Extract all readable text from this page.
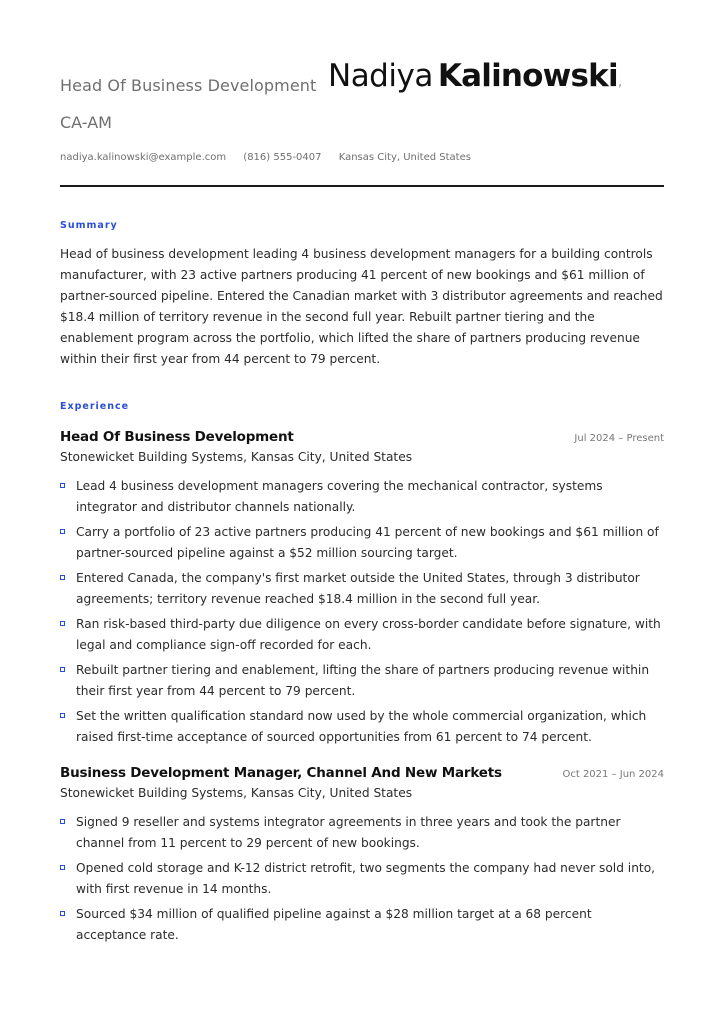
Head Of Business Development Nadiya Kalinowski,
CA-AM
nadiya.kalinowski@example.com (816) 555-0407 Kansas City, United States
Summary
Head of business development leading 4 business development managers for a building controls manufacturer, with 23 active partners producing 41 percent of new bookings and $61 million of partner-sourced pipeline. Entered the Canadian market with 3 distributor agreements and reached $18.4 million of territory revenue in the second full year. Rebuilt partner tiering and the enablement program across the portfolio, which lifted the share of partners producing revenue within their first year from 44 percent to 79 percent.
Experience
Head Of Business Development	Jul 2024 – Present
Stonewicket Building Systems, Kansas City, United States
Lead 4 business development managers covering the mechanical contractor, systems integrator and distributor channels nationally.
Carry a portfolio of 23 active partners producing 41 percent of new bookings and $61 million of partner-sourced pipeline against a $52 million sourcing target.
Entered Canada, the company's first market outside the United States, through 3 distributor agreements; territory revenue reached $18.4 million in the second full year.
Ran risk-based third-party due diligence on every cross-border candidate before signature, with legal and compliance sign-off recorded for each.
Rebuilt partner tiering and enablement, lifting the share of partners producing revenue within their first year from 44 percent to 79 percent.
Set the written qualification standard now used by the whole commercial organization, which raised first-time acceptance of sourced opportunities from 61 percent to 74 percent.
Business Development Manager, Channel And New Markets	Oct 2021 – Jun 2024
Stonewicket Building Systems, Kansas City, United States
Signed 9 reseller and systems integrator agreements in three years and took the partner channel from 11 percent to 29 percent of new bookings.
Opened cold storage and K-12 district retrofit, two segments the company had never sold into, with first revenue in 14 months.
Sourced $34 million of qualified pipeline against a $28 million target at a 68 percent acceptance rate.
